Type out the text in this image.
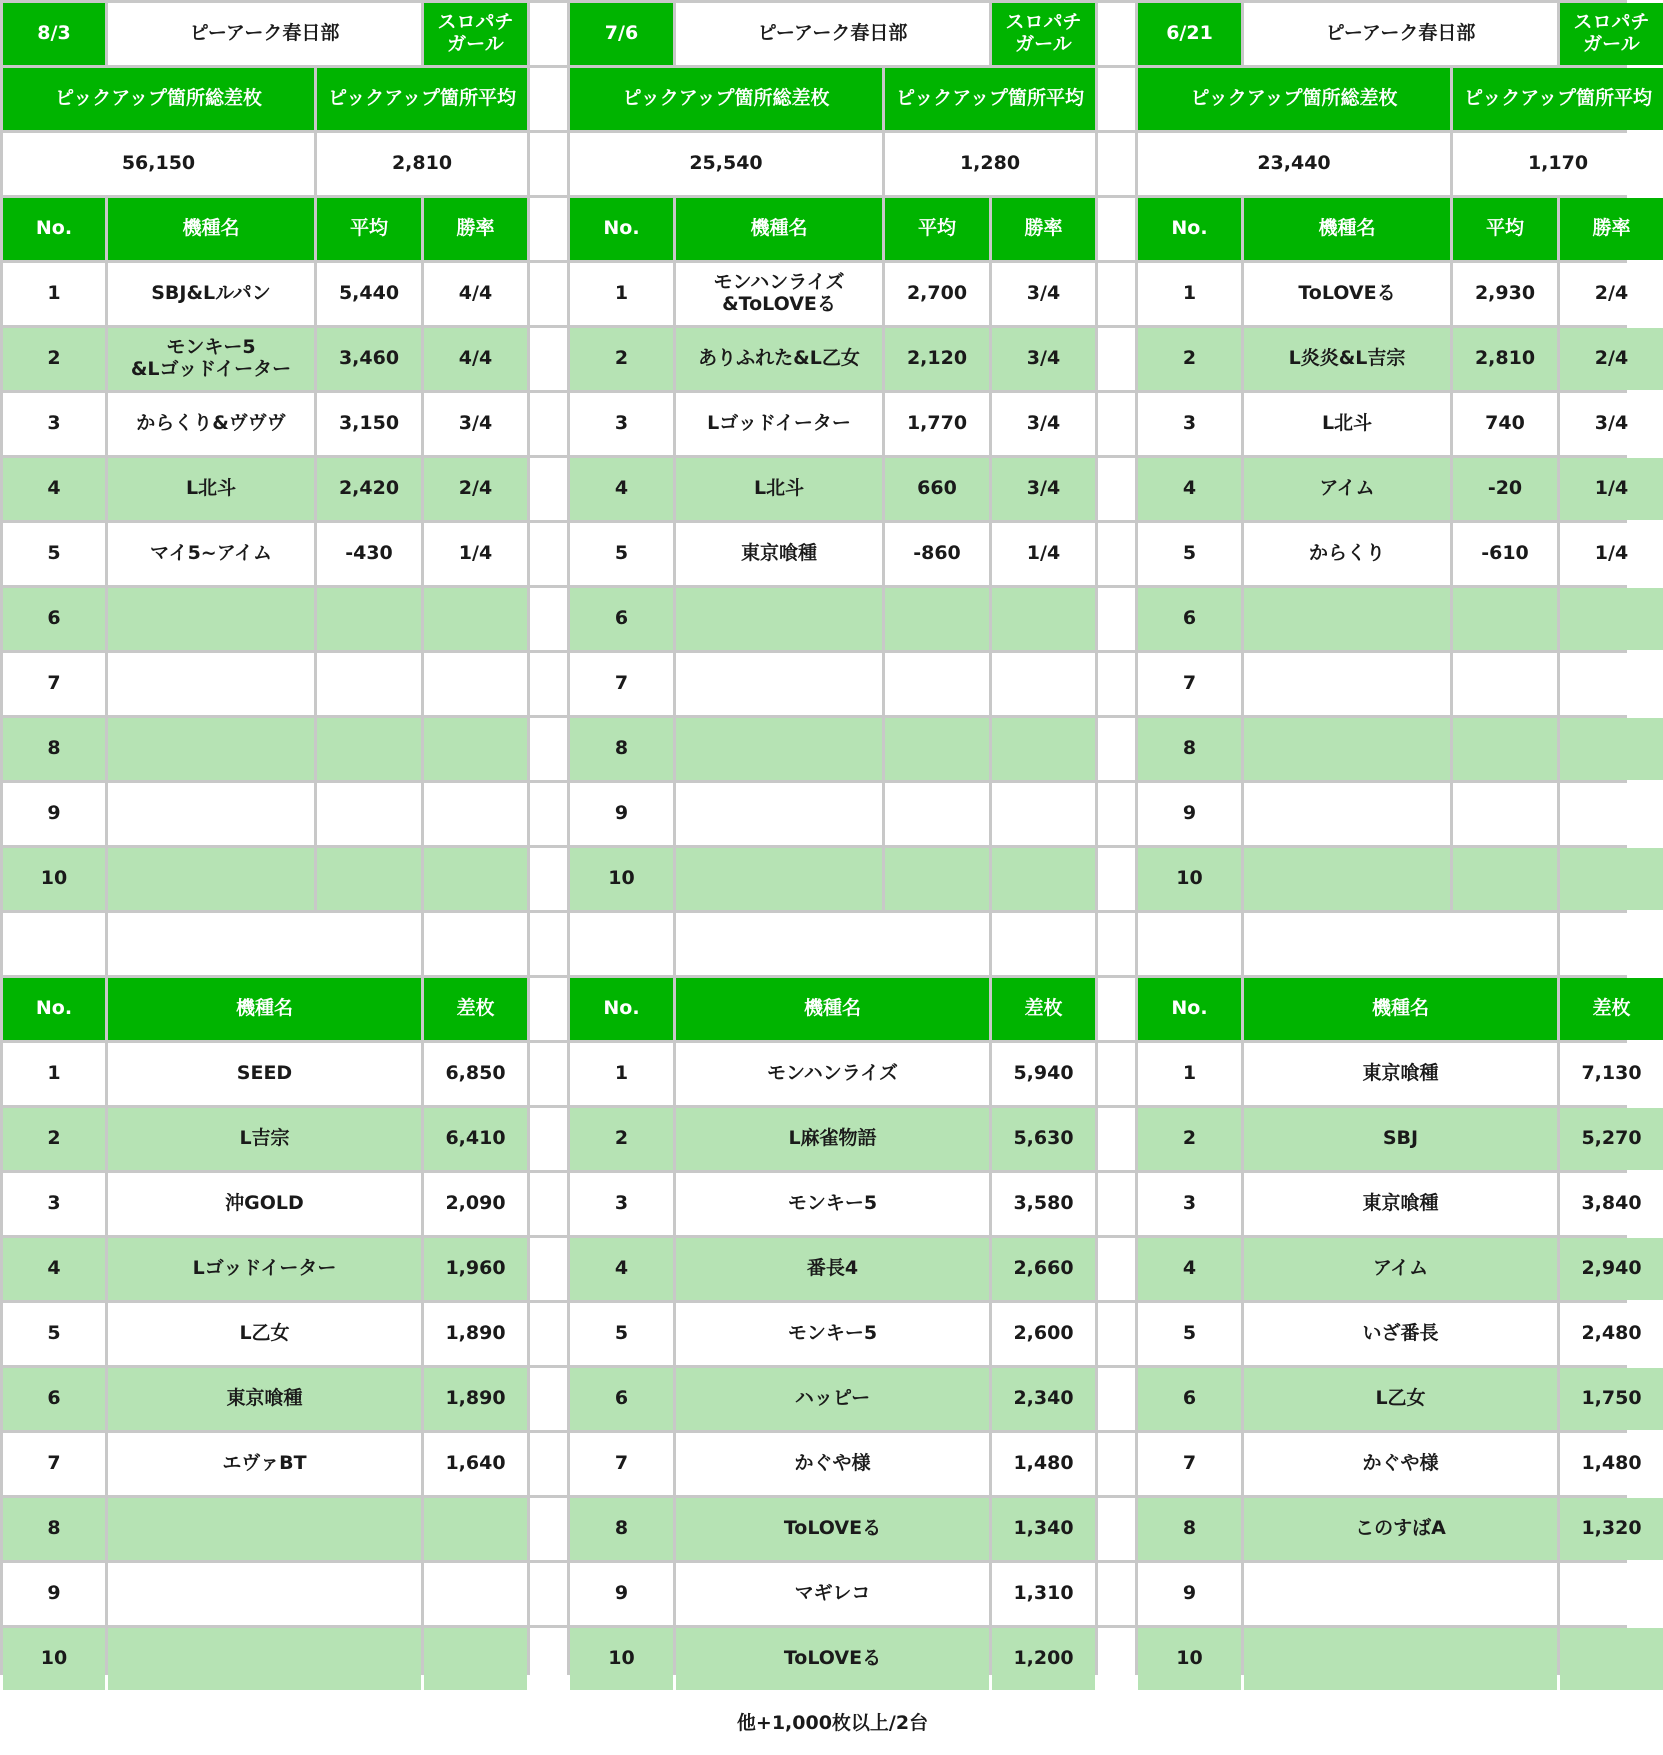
8/3	ピーアーク春日部	スロパチ
ガール
ピックアップ箇所総差枚	ピックアップ箇所平均
56,150	2,810
No.	機種名	平均	勝率
1	SBJ&Lルパン	5,440	4/4
2	モンキー5
&Lゴッドイーター	3,460	4/4
3	からくり&ヴヴヴ	3,150	3/4
4	L北斗	2,420	2/4
5	マイ5~アイム	-430	1/4
6
7
8
9
10
No.	機種名	差枚
1	SEED	6,850
2	L吉宗	6,410
3	沖GOLD	2,090
4	Lゴッドイーター	1,960
5	L乙女	1,890
6	東京喰種	1,890
7	エヴァBT	1,640
8
9
10
7/6	ピーアーク春日部	スロパチ
ガール
ピックアップ箇所総差枚	ピックアップ箇所平均
25,540	1,280
No.	機種名	平均	勝率
1	モンハンライズ
&ToLOVEる	2,700	3/4
2	ありふれた&L乙女	2,120	3/4
3	Lゴッドイーター	1,770	3/4
4	L北斗	660	3/4
5	東京喰種	-860	1/4
6
7
8
9
10
No.	機種名	差枚
1	モンハンライズ	5,940
2	L麻雀物語	5,630
3	モンキー5	3,580
4	番長4	2,660
5	モンキー5	2,600
6	ハッピー	2,340
7	かぐや様	1,480
8	ToLOVEる	1,340
9	マギレコ	1,310
10	ToLOVEる	1,200
他+1,000枚以上/2台
6/21	ピーアーク春日部	スロパチ
ガール
ピックアップ箇所総差枚	ピックアップ箇所平均
23,440	1,170
No.	機種名	平均	勝率
1	ToLOVEる	2,930	2/4
2	L炎炎&L吉宗	2,810	2/4
3	L北斗	740	3/4
4	アイム	-20	1/4
5	からくり	-610	1/4
6
7
8
9
10
No.	機種名	差枚
1	東京喰種	7,130
2	SBJ	5,270
3	東京喰種	3,840
4	アイム	2,940
5	いざ番長	2,480
6	L乙女	1,750
7	かぐや様	1,480
8	このすばA	1,320
9
10
